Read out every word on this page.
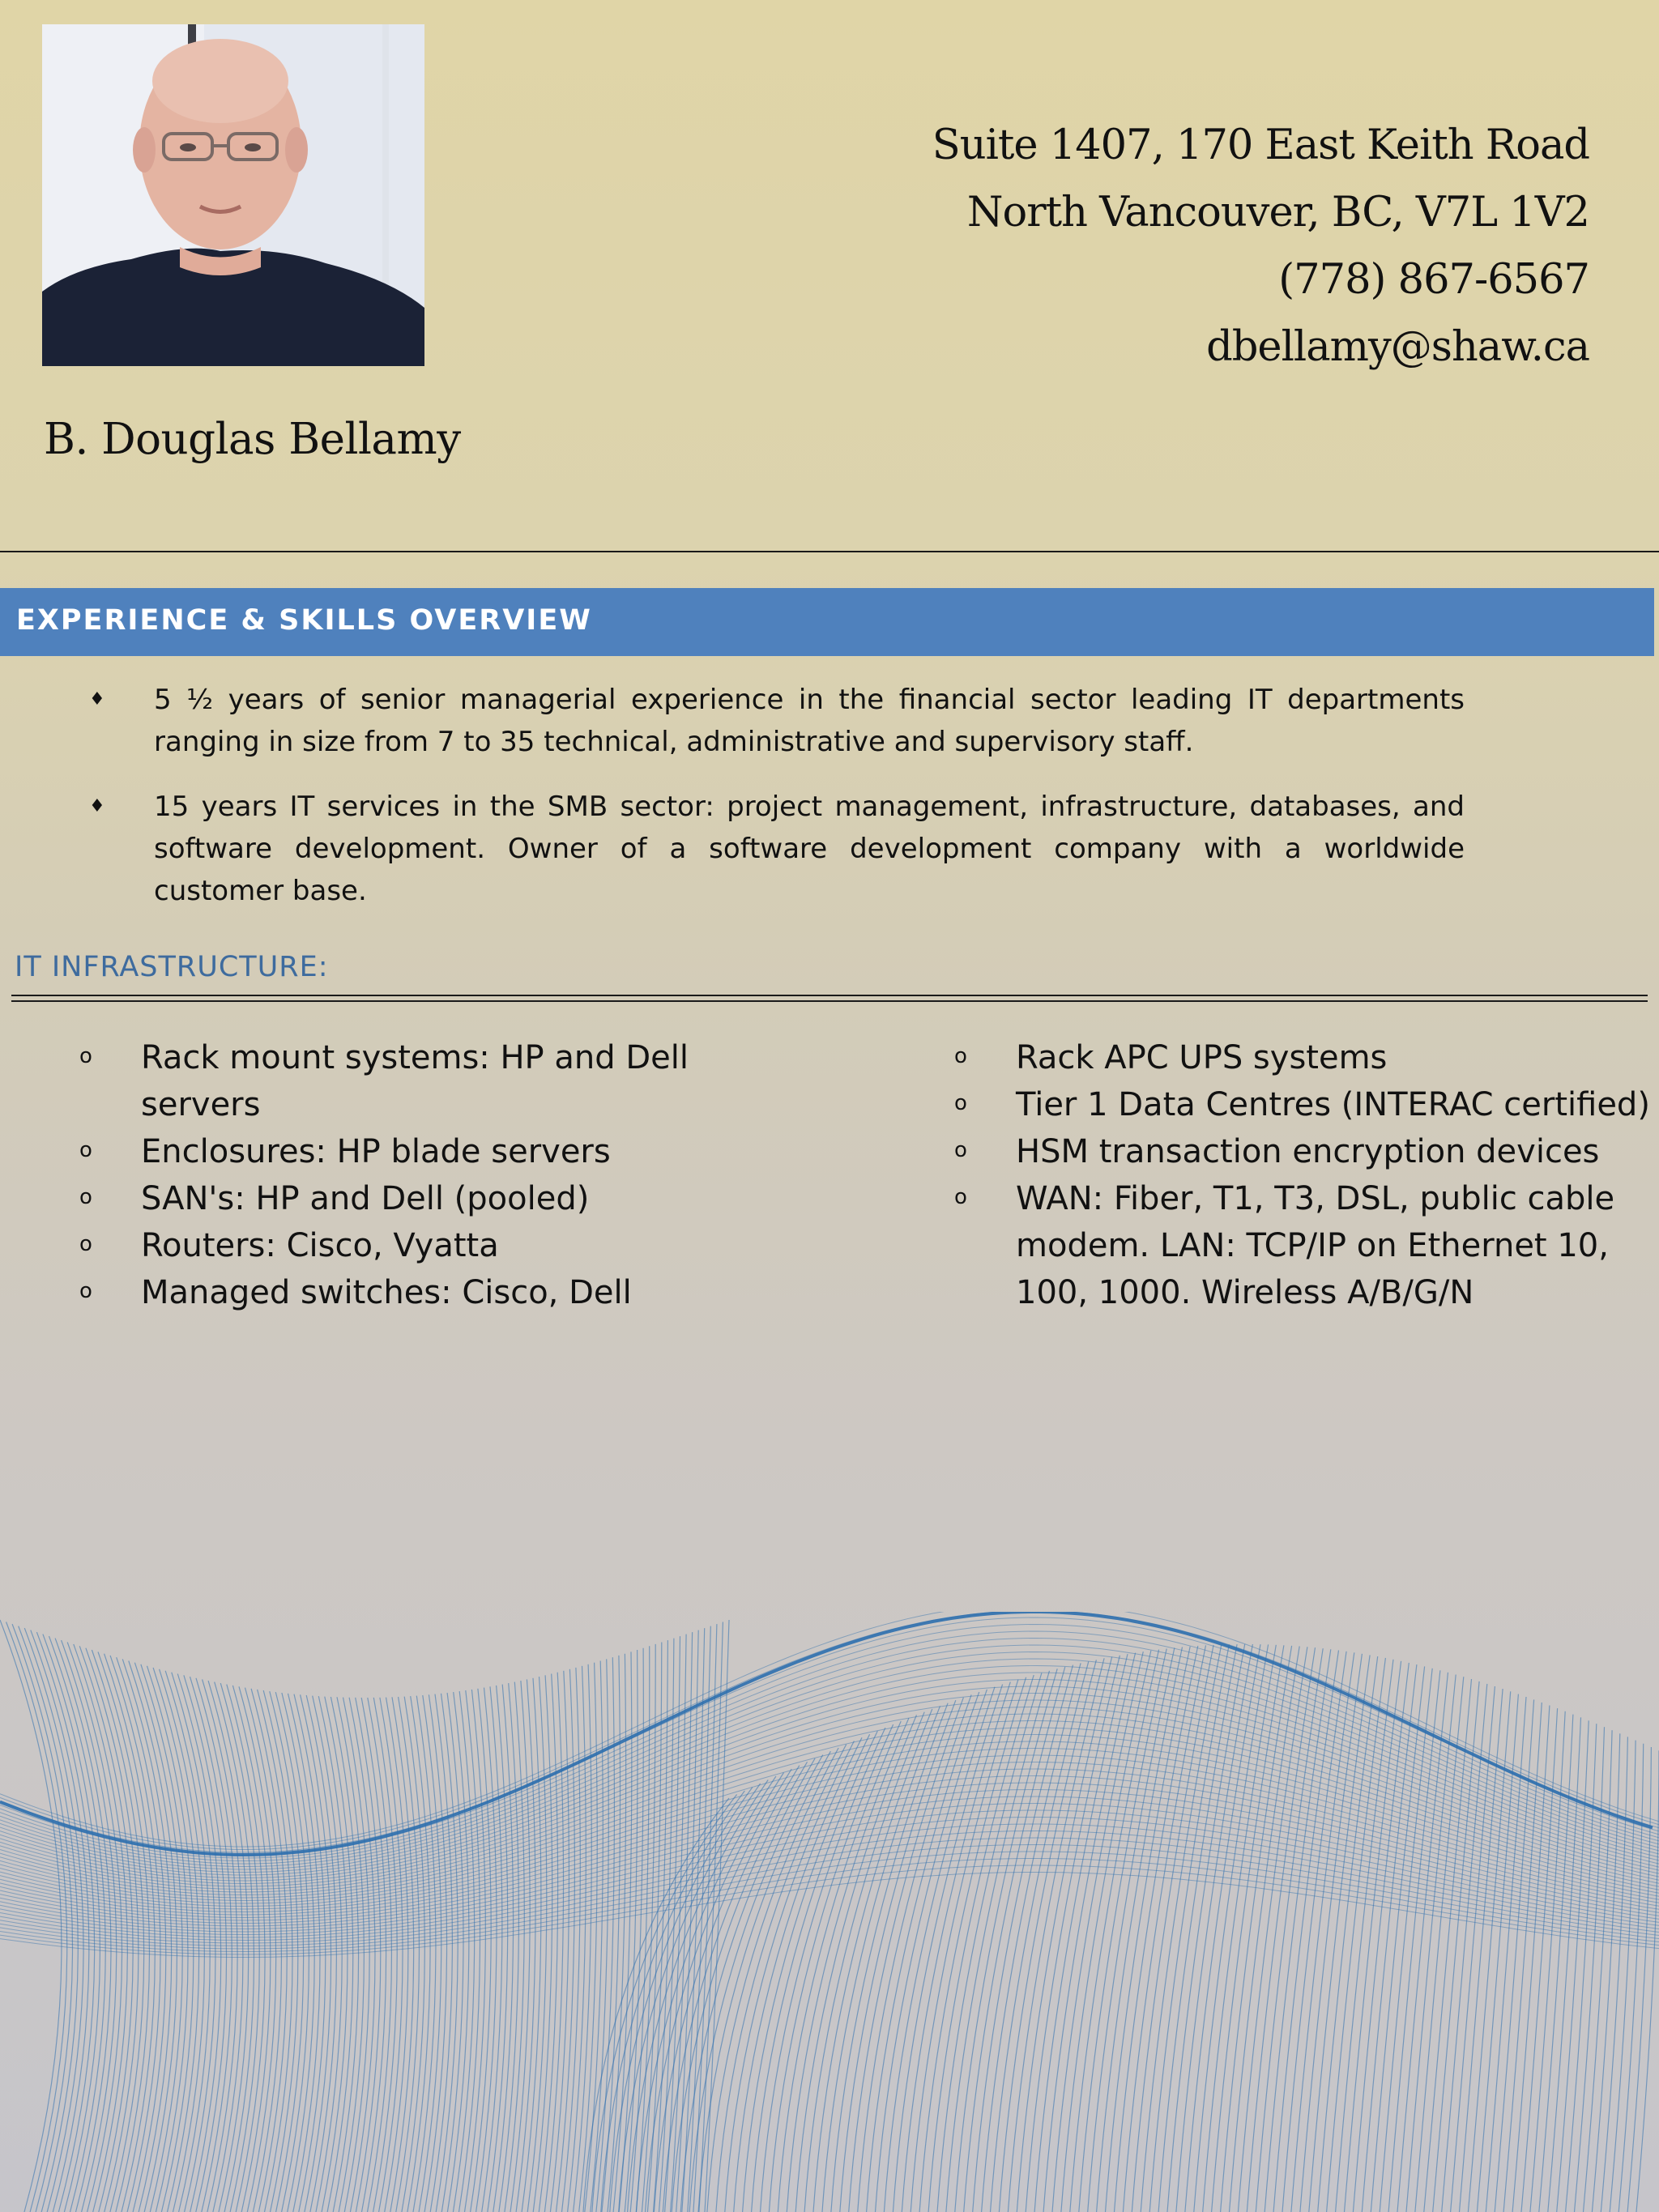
Suite 1407, 170 East Keith Road
North Vancouver, BC, V7L 1V2
(778) 867-6567
dbellamy@shaw.ca
B. Douglas Bellamy
EXPERIENCE & SKILLS OVERVIEW
♦ 5 ½ years of senior managerial experience in the financial sector leading IT departments ranging in size from 7 to 35 technical, administrative and supervisory staff.
♦ 15 years IT services in the SMB sector: project management, infrastructure, databases, and software development. Owner of a software development company with a worldwide customer base.
IT INFRASTRUCTURE:
o Rack mount systems: HP and Dell servers
o Enclosures: HP blade servers
o SAN's: HP and Dell (pooled)
o Routers: Cisco, Vyatta
o Managed switches: Cisco, Dell
o Rack APC UPS systems
o Tier 1 Data Centres (INTERAC certified)
o HSM transaction encryption devices
o WAN: Fiber, T1, T3, DSL, public cable modem. LAN: TCP/IP on Ethernet 10, 100, 1000. Wireless A/B/G/N
